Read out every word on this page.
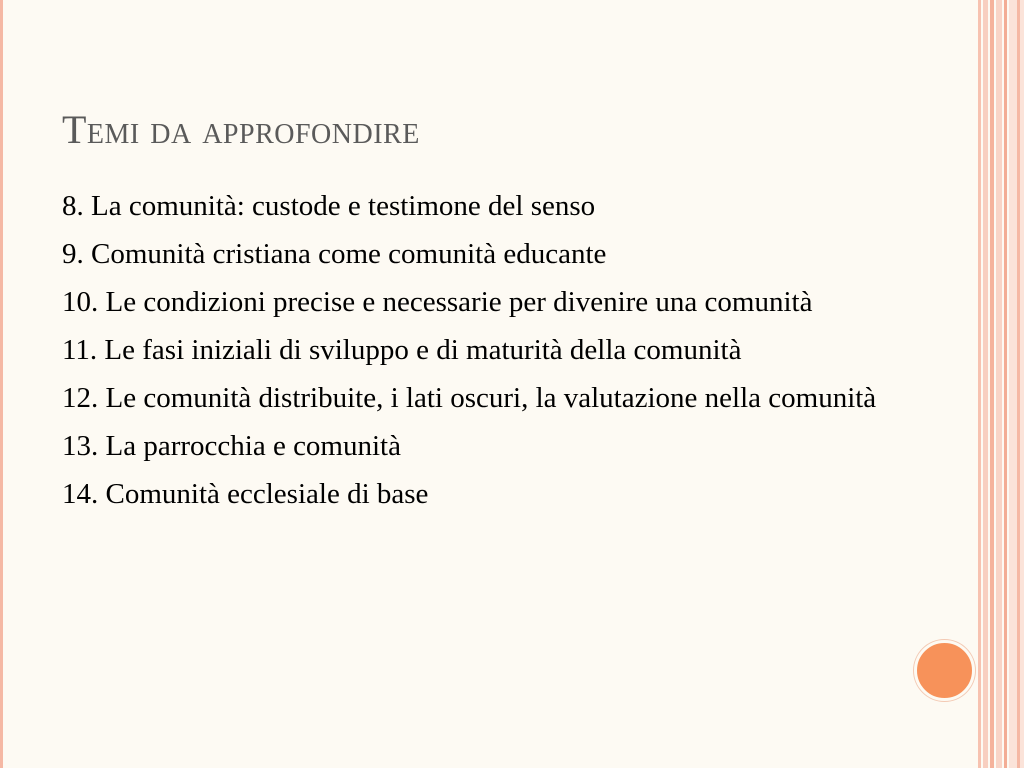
Temi da approfondire
8. La comunità: custode e testimone del senso
9. Comunità cristiana come comunità educante
10. Le condizioni precise e necessarie per divenire una comunità
11. Le fasi iniziali di sviluppo e di maturità della comunità
12. Le comunità distribuite, i lati oscuri, la valutazione nella comunità
13. La parrocchia e comunità
14. Comunità ecclesiale di base
